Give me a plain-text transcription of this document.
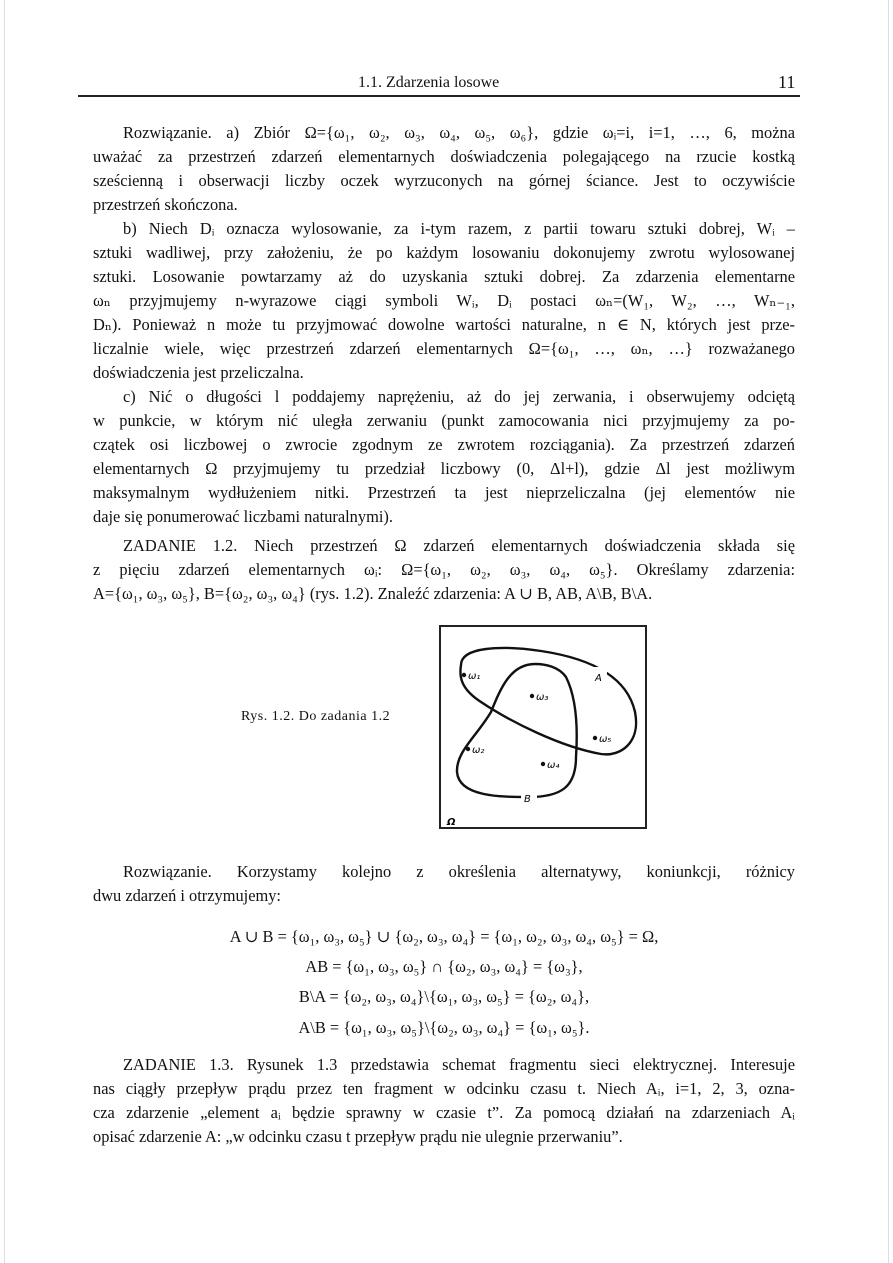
1.1. Zdarzenia losowe	11
Rozwiązanie. a) Zbiór Ω={ω₁, ω₂, ω₃, ω₄, ω₅, ω₆}, gdzie ωᵢ=i, i=1, …, 6, można
uważać za przestrzeń zdarzeń elementarnych doświadczenia polegającego na rzucie kostką
sześcienną i obserwacji liczby oczek wyrzuconych na górnej ściance. Jest to oczywiście
przestrzeń skończona.
b) Niech Dᵢ oznacza wylosowanie, za i-tym razem, z partii towaru sztuki dobrej, Wᵢ –
sztuki wadliwej, przy założeniu, że po każdym losowaniu dokonujemy zwrotu wylosowanej
sztuki. Losowanie powtarzamy aż do uzyskania sztuki dobrej. Za zdarzenia elementarne
ωₙ przyjmujemy n-wyrazowe ciągi symboli Wᵢ, Dᵢ postaci ωₙ=(W₁, W₂, …, Wₙ₋₁,
Dₙ). Ponieważ n może tu przyjmować dowolne wartości naturalne, n ∈ N, których jest prze-
liczalnie wiele, więc przestrzeń zdarzeń elementarnych Ω={ω₁, …, ωₙ, …} rozważanego
doświadczenia jest przeliczalna.
c) Nić o długości l poddajemy naprężeniu, aż do jej zerwania, i obserwujemy odciętą
w punkcie, w którym nić uległa zerwaniu (punkt zamocowania nici przyjmujemy za po-
czątek osi liczbowej o zwrocie zgodnym ze zwrotem rozciągania). Za przestrzeń zdarzeń
elementarnych Ω przyjmujemy tu przedział liczbowy (0, Δl+l), gdzie Δl jest możliwym
maksymalnym wydłużeniem nitki. Przestrzeń ta jest nieprzeliczalna (jej elementów nie
daje się ponumerować liczbami naturalnymi).
ZADANIE 1.2. Niech przestrzeń Ω zdarzeń elementarnych doświadczenia składa się
z pięciu zdarzeń elementarnych ωᵢ: Ω={ω₁, ω₂, ω₃, ω₄, ω₅}. Określamy zdarzenia:
A={ω₁, ω₃, ω₅}, B={ω₂, ω₃, ω₄} (rys. 1.2). Znaleźć zdarzenia: A ∪ B, AB, A\B, B\A.
Rozwiązanie. Korzystamy kolejno z określenia alternatywy, koniunkcji, różnicy
dwu zdarzeń i otrzymujemy:
ZADANIE 1.3. Rysunek 1.3 przedstawia schemat fragmentu sieci elektrycznej. Interesuje
nas ciągły przepływ prądu przez ten fragment w odcinku czasu t. Niech Aᵢ, i=1, 2, 3, ozna-
cza zdarzenie „element aᵢ będzie sprawny w czasie t”. Za pomocą działań na zdarzeniach Aᵢ
opisać zdarzenie A: „w odcinku czasu t przepływ prądu nie ulegnie przerwaniu”.
A ∪ B = {ω₁, ω₃, ω₅} ∪ {ω₂, ω₃, ω₄} = {ω₁, ω₂, ω₃, ω₄, ω₅} = Ω,
AB = {ω₁, ω₃, ω₅} ∩ {ω₂, ω₃, ω₄} = {ω₃},
B\A = {ω₂, ω₃, ω₄}\{ω₁, ω₃, ω₅} = {ω₂, ω₄},
A\B = {ω₁, ω₃, ω₅}\{ω₂, ω₃, ω₄} = {ω₁, ω₅}.
Rys. 1.2. Do zadania 1.2
A
B
Ω
ω₁
ω₂
ω₃
ω₄
ω₅
